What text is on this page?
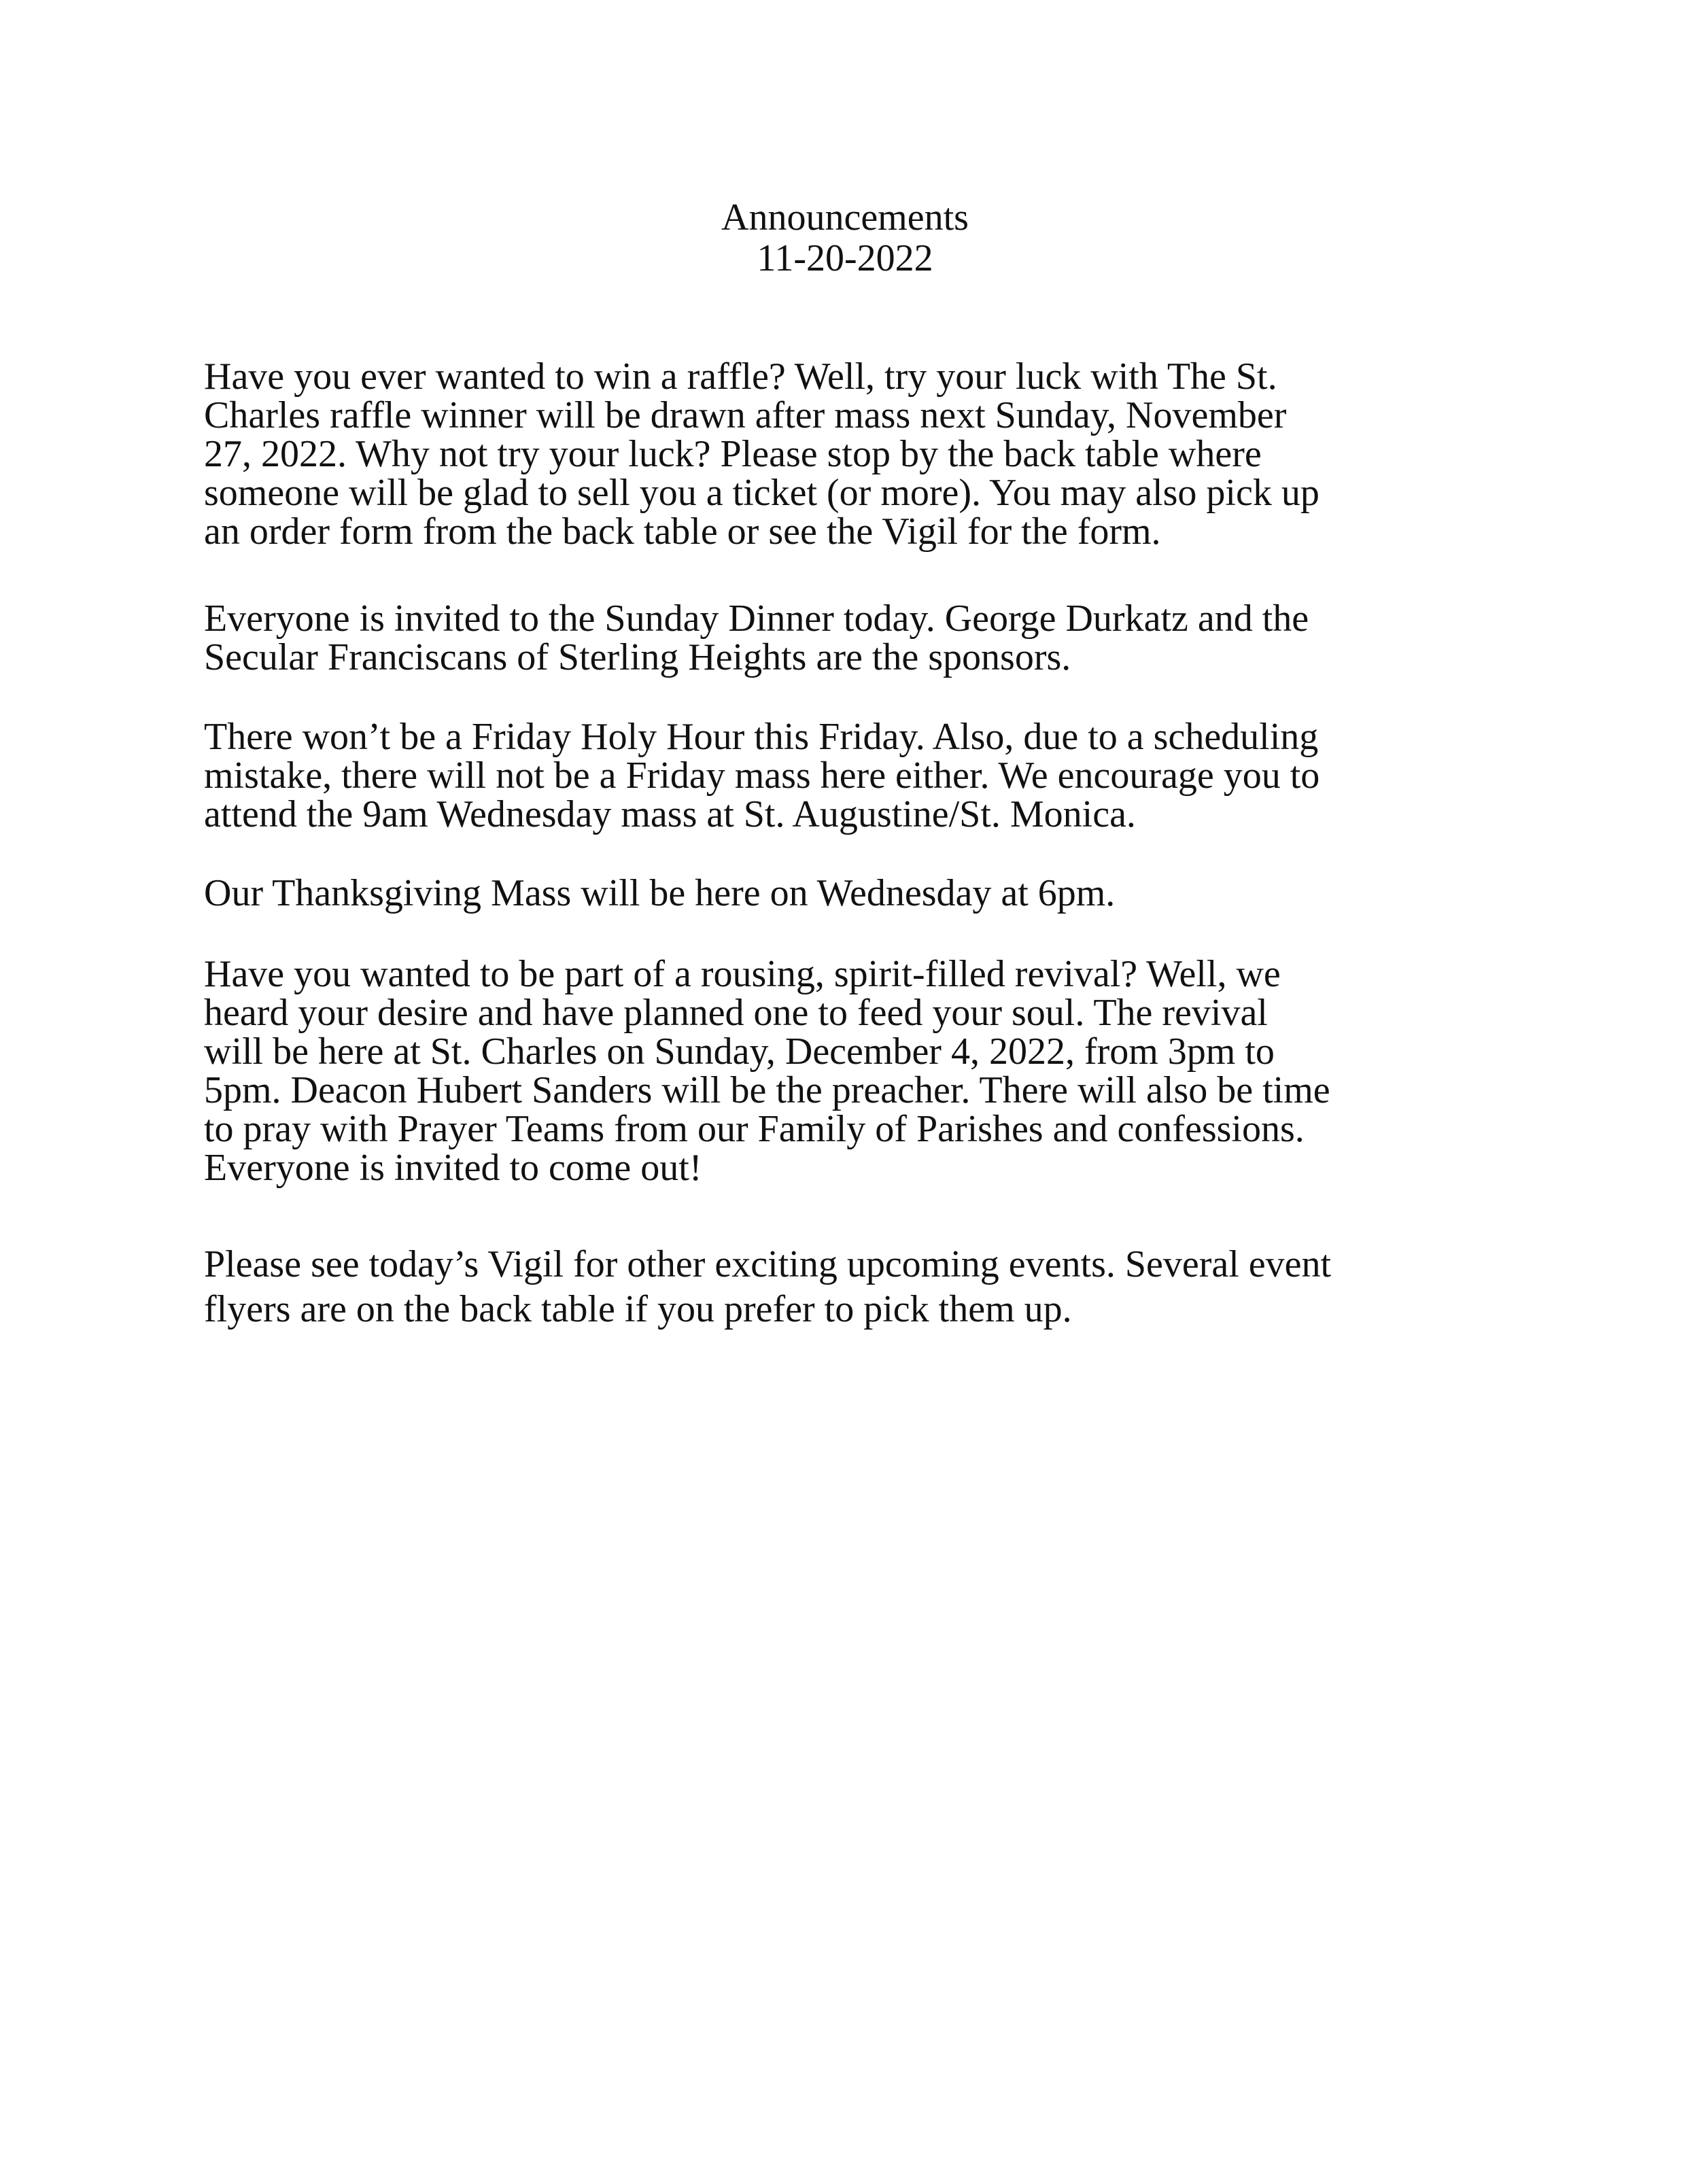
Announcements
11-20-2022
Have you ever wanted to win a raffle? Well, try your luck with The St.
Charles raffle winner will be drawn after mass next Sunday, November
27, 2022. Why not try your luck? Please stop by the back table where
someone will be glad to sell you a ticket (or more). You may also pick up
an order form from the back table or see the Vigil for the form.
Everyone is invited to the Sunday Dinner today. George Durkatz and the
Secular Franciscans of Sterling Heights are the sponsors.
There won’t be a Friday Holy Hour this Friday. Also, due to a scheduling
mistake, there will not be a Friday mass here either. We encourage you to
attend the 9am Wednesday mass at St. Augustine/St. Monica.
Our Thanksgiving Mass will be here on Wednesday at 6pm.
Have you wanted to be part of a rousing, spirit-filled revival? Well, we
heard your desire and have planned one to feed your soul. The revival
will be here at St. Charles on Sunday, December 4, 2022, from 3pm to
5pm. Deacon Hubert Sanders will be the preacher. There will also be time
to pray with Prayer Teams from our Family of Parishes and confessions.
Everyone is invited to come out!
Please see today’s Vigil for other exciting upcoming events. Several event
flyers are on the back table if you prefer to pick them up.
